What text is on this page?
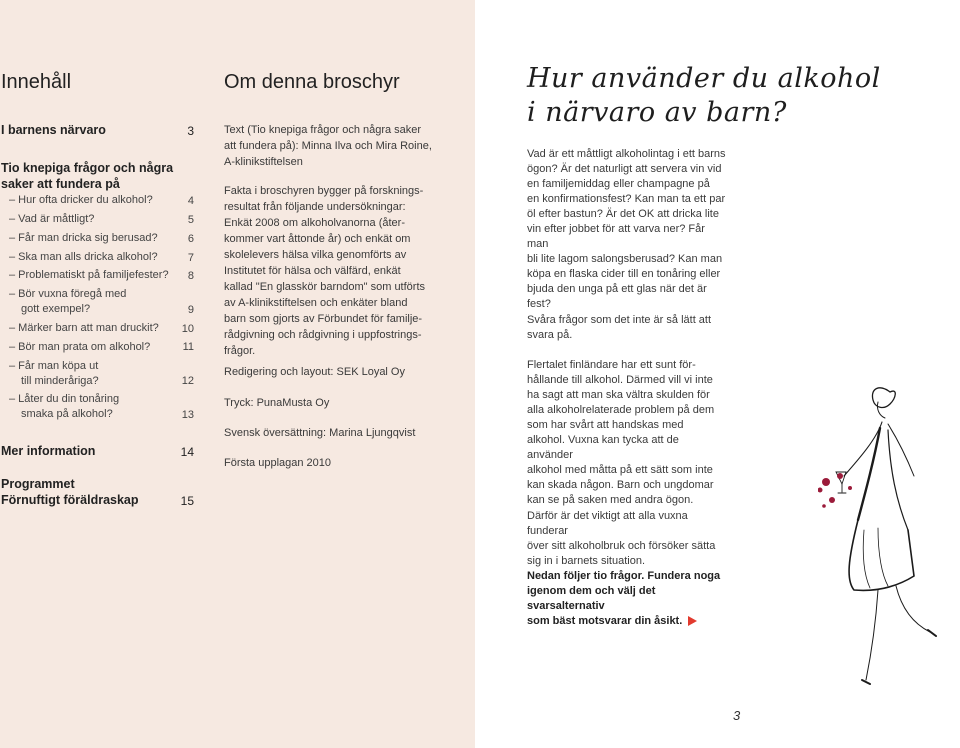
Innehåll
I barnens närvaro	3
Tio knepiga frågor och några
saker att fundera på
– Hur ofta dricker du alkohol?	4
– Vad är måttligt?	5
– Får man dricka sig berusad?	6
– Ska man alls dricka alkohol?	7
– Problematiskt på familjefester?	8
– Bör vuxna föregå med
gott exempel?	9
– Märker barn att man druckit?	10
– Bör man prata om alkohol?	11
– Får man köpa ut
till minderåriga?	12
– Låter du din tonåring
smaka på alkohol?	13
Mer information	14
Programmet
Förnuftigt föräldraskap	15
Om denna broschyr
Text (Tio knepiga frågor och några saker
att fundera på): Minna Ilva och Mira Roine,
A-klinikstiftelsen
Fakta i broschyren bygger på forsknings-
resultat från följande undersökningar:
Enkät 2008 om alkoholvanorna (åter-
kommer vart åttonde år) och enkät om
skolelevers hälsa vilka genomförts av
Institutet för hälsa och välfärd, enkät
kallad "En glasskör barndom" som utförts
av A-klinikstiftelsen och enkäter bland
barn som gjorts av Förbundet för familje-
rådgivning och rådgivning i uppfostrings-
frågor.
Redigering och layout: SEK Loyal Oy
Tryck: PunaMusta Oy
Svensk översättning: Marina Ljungqvist
Första upplagan 2010
Hur använder du alkohol
i närvaro av barn?
Vad är ett måttligt alkoholintag i ett barns
ögon? Är det naturligt att servera vin vid
en familjemiddag eller champagne på
en konfirmationsfest? Kan man ta ett par
öl efter bastun? Är det OK att dricka lite
vin efter jobbet för att varva ner? Får man
bli lite lagom salongsberusad? Kan man
köpa en flaska cider till en tonåring eller
bjuda den unga på ett glas när det är
fest?
Svåra frågor som det inte är så lätt att
svara på.
Flertalet finländare har ett sunt för-
hållande till alkohol. Därmed vill vi inte
ha sagt att man ska vältra skulden för
alla alkoholrelaterade problem på dem
som har svårt att handskas med
alkohol. Vuxna kan tycka att de använder
alkohol med måtta på ett sätt som inte
kan skada någon. Barn och ungdomar
kan se på saken med andra ögon.
Därför är det viktigt att alla vuxna funderar
över sitt alkoholbruk och försöker sätta
sig in i barnets situation.
Nedan följer tio frågor. Fundera noga
igenom dem och välj det svarsalternativ
som bäst motsvarar din åsikt.
3
